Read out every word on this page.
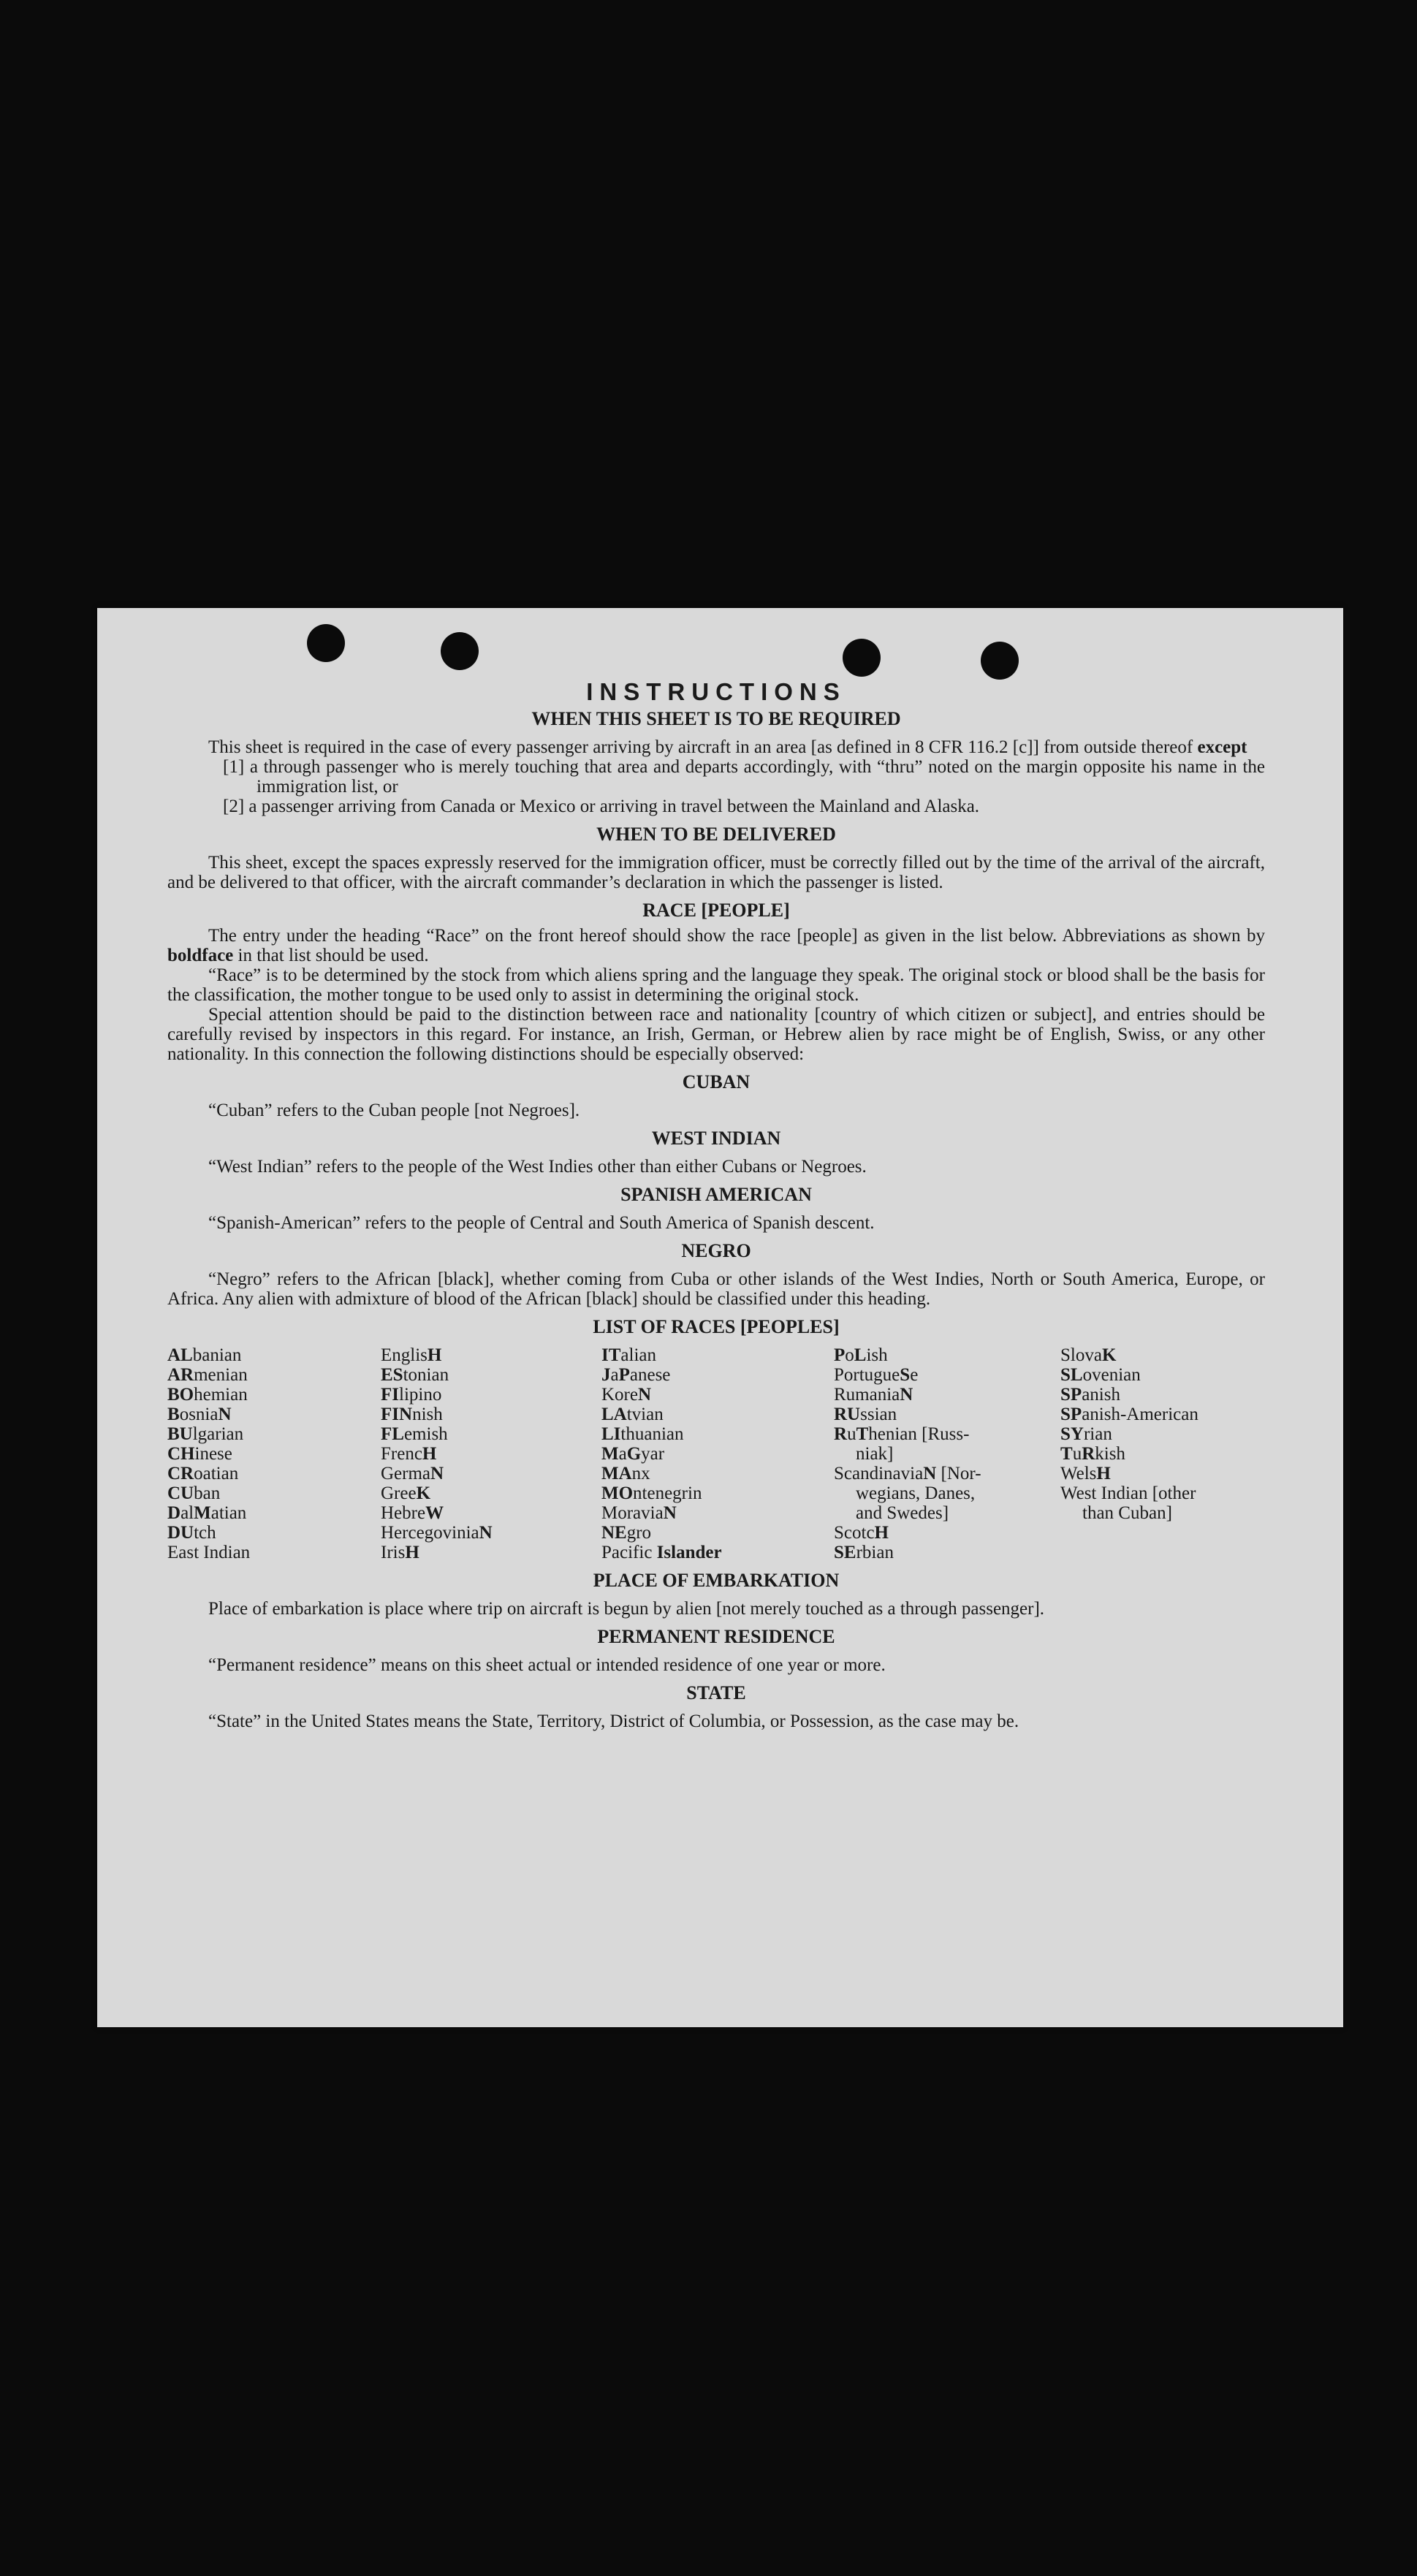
INSTRUCTIONS
WHEN THIS SHEET IS TO BE REQUIRED

This sheet is required in the case of every passenger arriving by aircraft in an area [as defined in 8 CFR 116.2 [c]] from outside thereof except

[1] a through passenger who is merely touching that area and departs accordingly, with “thru” noted on the margin opposite his name in the immigration list, or

[2] a passenger arriving from Canada or Mexico or arriving in travel between the Mainland and Alaska.

WHEN TO BE DELIVERED

This sheet, except the spaces expressly reserved for the immigration officer, must be correctly filled out by the time of the arrival of the aircraft, and be delivered to that officer, with the aircraft commander’s declaration in which the passenger is listed.

RACE [PEOPLE]

The entry under the heading “Race” on the front hereof should show the race [people] as given in the list below. Abbreviations as shown by boldface in that list should be used.

“Race” is to be determined by the stock from which aliens spring and the language they speak. The original stock or blood shall be the basis for the classification, the mother tongue to be used only to assist in determining the original stock.

Special attention should be paid to the distinction between race and nationality [country of which citizen or subject], and entries should be carefully revised by inspectors in this regard. For instance, an Irish, German, or Hebrew alien by race might be of English, Swiss, or any other nationality. In this connection the following distinctions should be especially observed:

CUBAN

“Cuban” refers to the Cuban people [not Negroes].

WEST INDIAN

“West Indian” refers to the people of the West Indies other than either Cubans or Negroes.

SPANISH AMERICAN

“Spanish-American” refers to the people of Central and South America of Spanish descent.

NEGRO

“Negro” refers to the African [black], whether coming from Cuba or other islands of the West Indies, North or South America, Europe, or Africa. Any alien with admixture of blood of the African [black] should be classified under this heading.

LIST OF RACES [PEOPLES]
ALbanian
ARmenian
BOhemian
BosniaN
BUlgarian
CHinese
CRoatian
CUban
DalMatian
DUtch
East Indian
EnglisH
EStonian
FIlipino
FINnish
FLemish
FrencH
GermaN
GreeK
HebreW
HercegoviniaN
IrisH
ITalian
JaPanese
KoreN
LAtvian
LIthuanian
MaGyar
MAnx
MOntenegrin
MoraviaN
NEgro
Pacific Islander
PoLish
PortugueSe
RumaniaN
RUssian
RuThenian [Russ-
niak]
ScandinaviaN [Nor-
wegians, Danes,
and Swedes]
ScotcH
SErbian
SlovaK
SLovenian
SPanish
SPanish-American
SYrian
TuRkish
WelsH
West Indian [other
than Cuban]
PLACE OF EMBARKATION

Place of embarkation is place where trip on aircraft is begun by alien [not merely touched as a through passenger].

PERMANENT RESIDENCE

“Permanent residence” means on this sheet actual or intended residence of one year or more.

STATE

“State” in the United States means the State, Territory, District of Columbia, or Possession, as the case may be.
